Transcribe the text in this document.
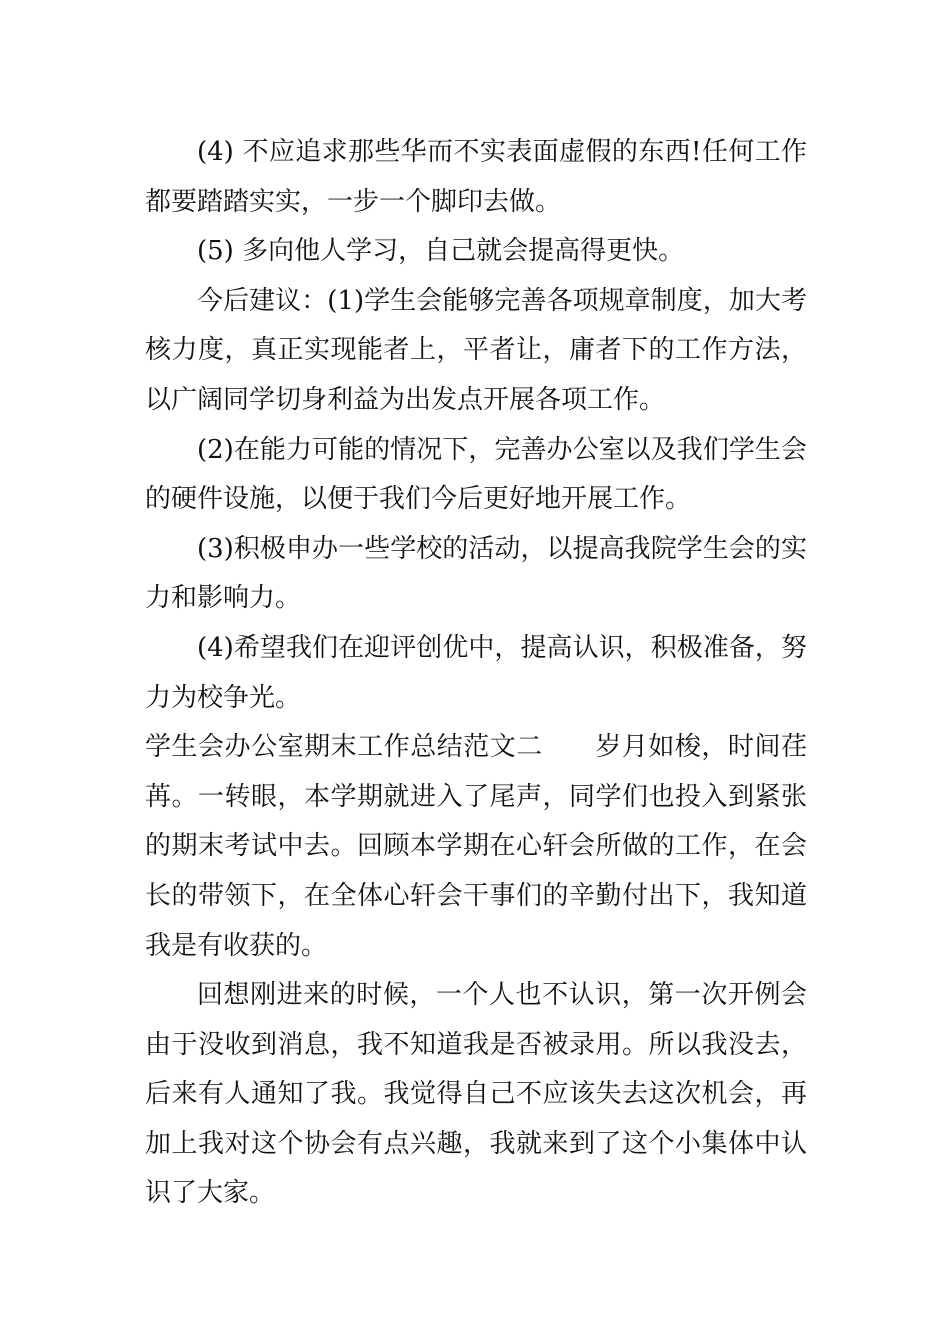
(4) 不应追求那些华而不实表面虚假的东西!任何工作都要踏踏实实，一步一个脚印去做。

(5) 多向他人学习，自己就会提高得更快。

今后建议：(1)学生会能够完善各项规章制度，加大考核力度，真正实现能者上，平者让，庸者下的工作方法，以广阔同学切身利益为出发点开展各项工作。

(2)在能力可能的情况下，完善办公室以及我们学生会的硬件设施，以便于我们今后更好地开展工作。

(3)积极申办一些学校的活动，以提高我院学生会的实力和影响力。

(4)希望我们在迎评创优中，提高认识，积极准备，努力为校争光。

学生会办公室期末工作总结范文二 岁月如梭，时间荏苒。一转眼，本学期就进入了尾声，同学们也投入到紧张的期末考试中去。回顾本学期在心轩会所做的工作，在会长的带领下，在全体心轩会干事们的辛勤付出下，我知道我是有收获的。

回想刚进来的时候，一个人也不认识，第一次开例会由于没收到消息，我不知道我是否被录用。所以我没去，后来有人通知了我。我觉得自己不应该失去这次机会，再加上我对这个协会有点兴趣，我就来到了这个小集体中认识了大家。
